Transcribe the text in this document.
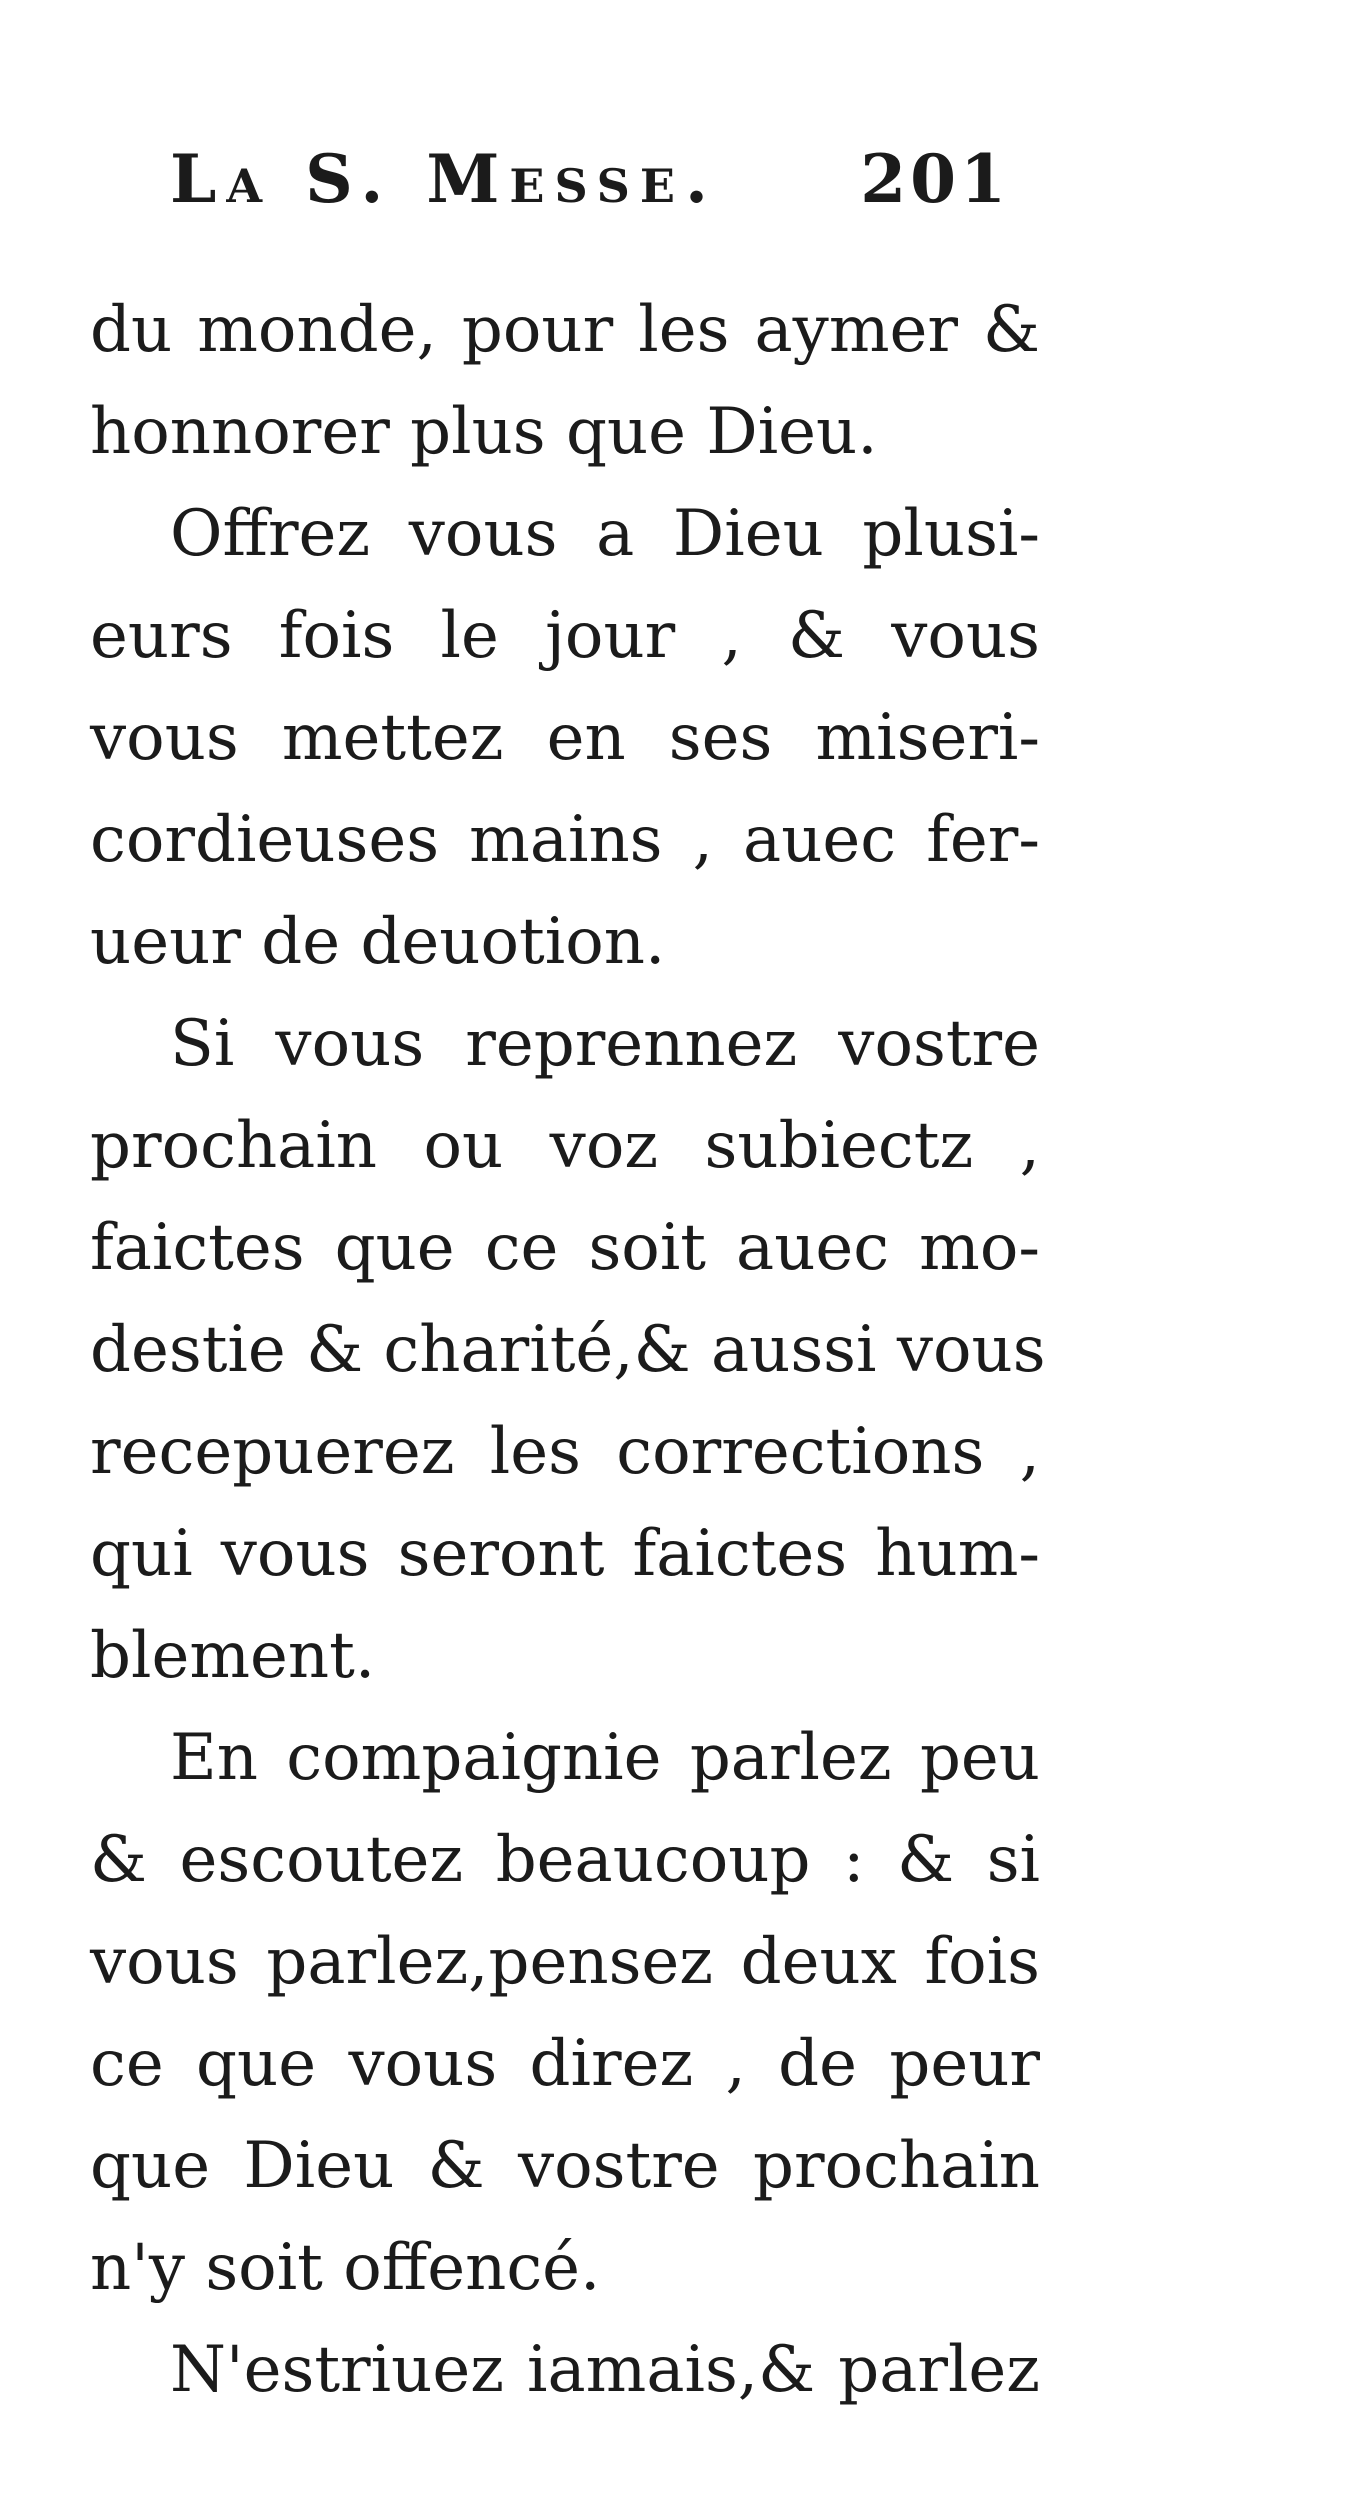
La S. Messe. 201
du monde, pour les aymer &
honnorer plus que Dieu.
Offrez vous a Dieu plusi-
eurs fois le jour , & vous
vous mettez en ses miseri-
cordieuses mains , auec fer-
ueur de deuotion.
Si vous reprennez vostre
prochain ou voz subiectz ,
faictes que ce soit auec mo-
destie & charité,& aussi vous
recepuerez les corrections ,
qui vous seront faictes hum-
blement.
En compaignie parlez peu
& escoutez beaucoup : & si
vous parlez,pensez deux fois
ce que vous direz , de peur
que Dieu & vostre prochain
n'y soit offencé.
N'estriuez iamais,& parlez
